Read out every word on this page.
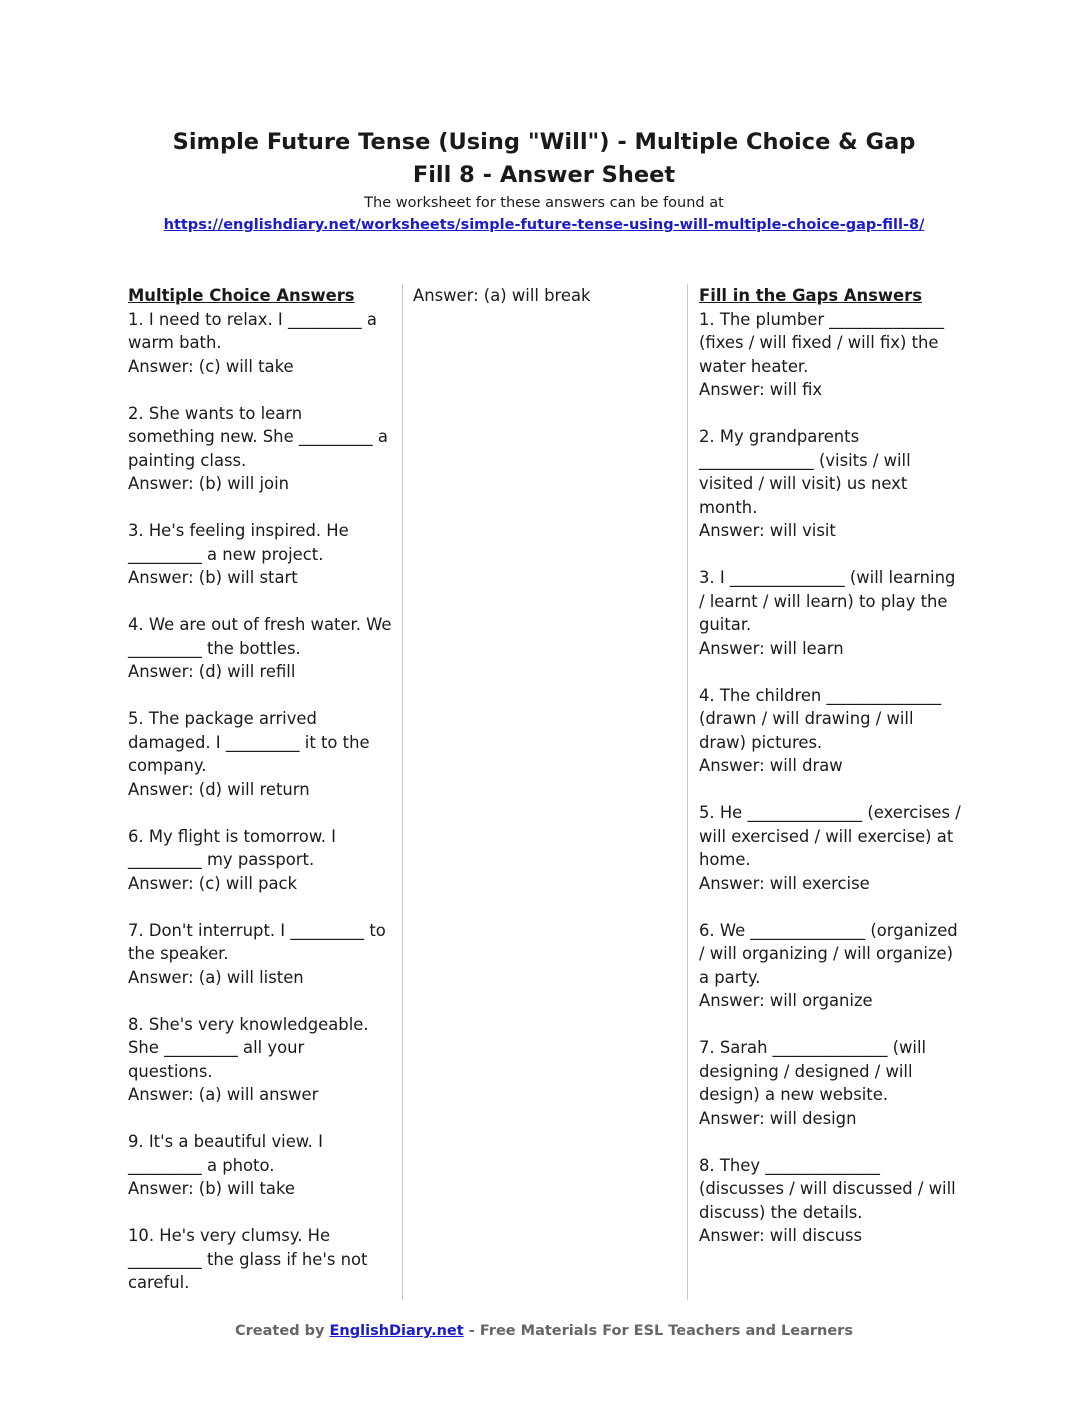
Simple Future Tense (Using "Will") - Multiple Choice & Gap Fill 8 - Answer Sheet

The worksheet for these answers can be found at

https://englishdiary.net/worksheets/simple-future-tense-using-will-multiple-choice-gap-fill-8/
Multiple Choice Answers
1. I need to relax. I _________ a warm bath.
Answer: (c) will take
2. She wants to learn something new. She _________ a painting class.
Answer: (b) will join
3. He's feeling inspired. He _________ a new project.
Answer: (b) will start
4. We are out of fresh water. We _________ the bottles.
Answer: (d) will refill
5. The package arrived damaged. I _________ it to the company.
Answer: (d) will return
6. My flight is tomorrow. I _________ my passport.
Answer: (c) will pack
7. Don't interrupt. I _________ to the speaker.
Answer: (a) will listen
8. She's very knowledgeable. She _________ all your questions.
Answer: (a) will answer
9. It's a beautiful view. I _________ a photo.
Answer: (b) will take
10. He's very clumsy. He _________ the glass if he's not careful.
Answer: (a) will break	Fill in the Gaps Answers
1. The plumber ______________ (fixes / will fixed / will fix) the water heater.
Answer: will fix
2. My grandparents ______________ (visits / will visited / will visit) us next month.
Answer: will visit
3. I ______________ (will learning / learnt / will learn) to play the guitar.
Answer: will learn
4. The children ______________ (drawn / will drawing / will draw) pictures.
Answer: will draw
5. He ______________ (exercises / will exercised / will exercise) at home.
Answer: will exercise
6. We ______________ (organized / will organizing / will organize) a party.
Answer: will organize
7. Sarah ______________ (will designing / designed / will design) a new website.
Answer: will design
8. They ______________ (discusses / will discussed / will discuss) the details.
Answer: will discuss
Created by EnglishDiary.net - Free Materials For ESL Teachers and Learners
